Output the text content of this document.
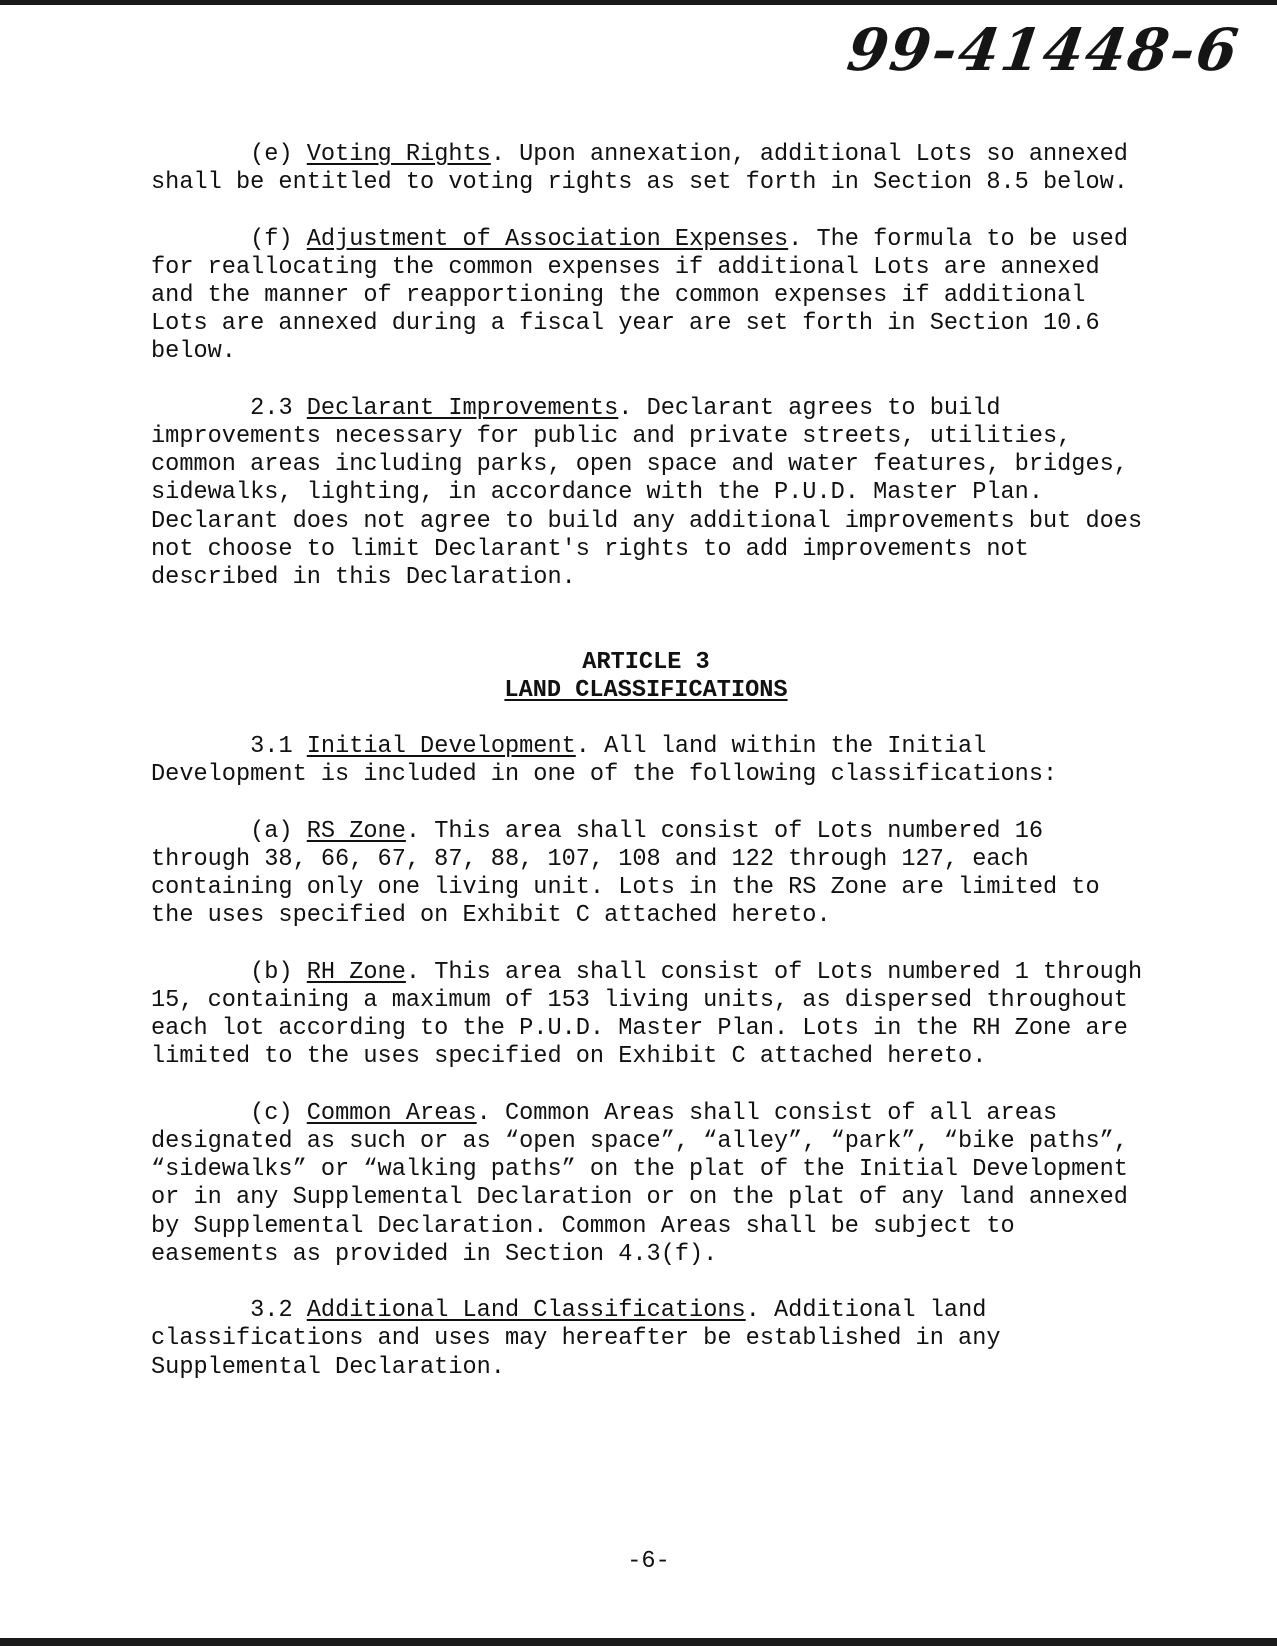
99-41448-6
(e) Voting Rights. Upon annexation, additional Lots so annexed shall be entitled to voting rights as set forth in Section 8.5 below.
(f) Adjustment of Association Expenses. The formula to be used for reallocating the common expenses if additional Lots are annexed and the manner of reapportioning the common expenses if additional Lots are annexed during a fiscal year are set forth in Section 10.6 below.
2.3 Declarant Improvements. Declarant agrees to build improvements necessary for public and private streets, utilities, common areas including parks, open space and water features, bridges, sidewalks, lighting, in accordance with the P.U.D. Master Plan. Declarant does not agree to build any additional improvements but does not choose to limit Declarant's rights to add improvements not described in this Declaration.
ARTICLE 3
LAND CLASSIFICATIONS
3.1 Initial Development. All land within the Initial Development is included in one of the following classifications:
(a) RS Zone. This area shall consist of Lots numbered 16 through 38, 66, 67, 87, 88, 107, 108 and 122 through 127, each containing only one living unit. Lots in the RS Zone are limited to the uses specified on Exhibit C attached hereto.
(b) RH Zone. This area shall consist of Lots numbered 1 through 15, containing a maximum of 153 living units, as dispersed throughout each lot according to the P.U.D. Master Plan. Lots in the RH Zone are limited to the uses specified on Exhibit C attached hereto.
(c) Common Areas. Common Areas shall consist of all areas designated as such or as “open space”, “alley”, “park”, “bike paths”, “sidewalks” or “walking paths” on the plat of the Initial Development or in any Supplemental Declaration or on the plat of any land annexed by Supplemental Declaration. Common Areas shall be subject to easements as provided in Section 4.3(f).
3.2 Additional Land Classifications. Additional land classifications and uses may hereafter be established in any Supplemental Declaration.
-6-
